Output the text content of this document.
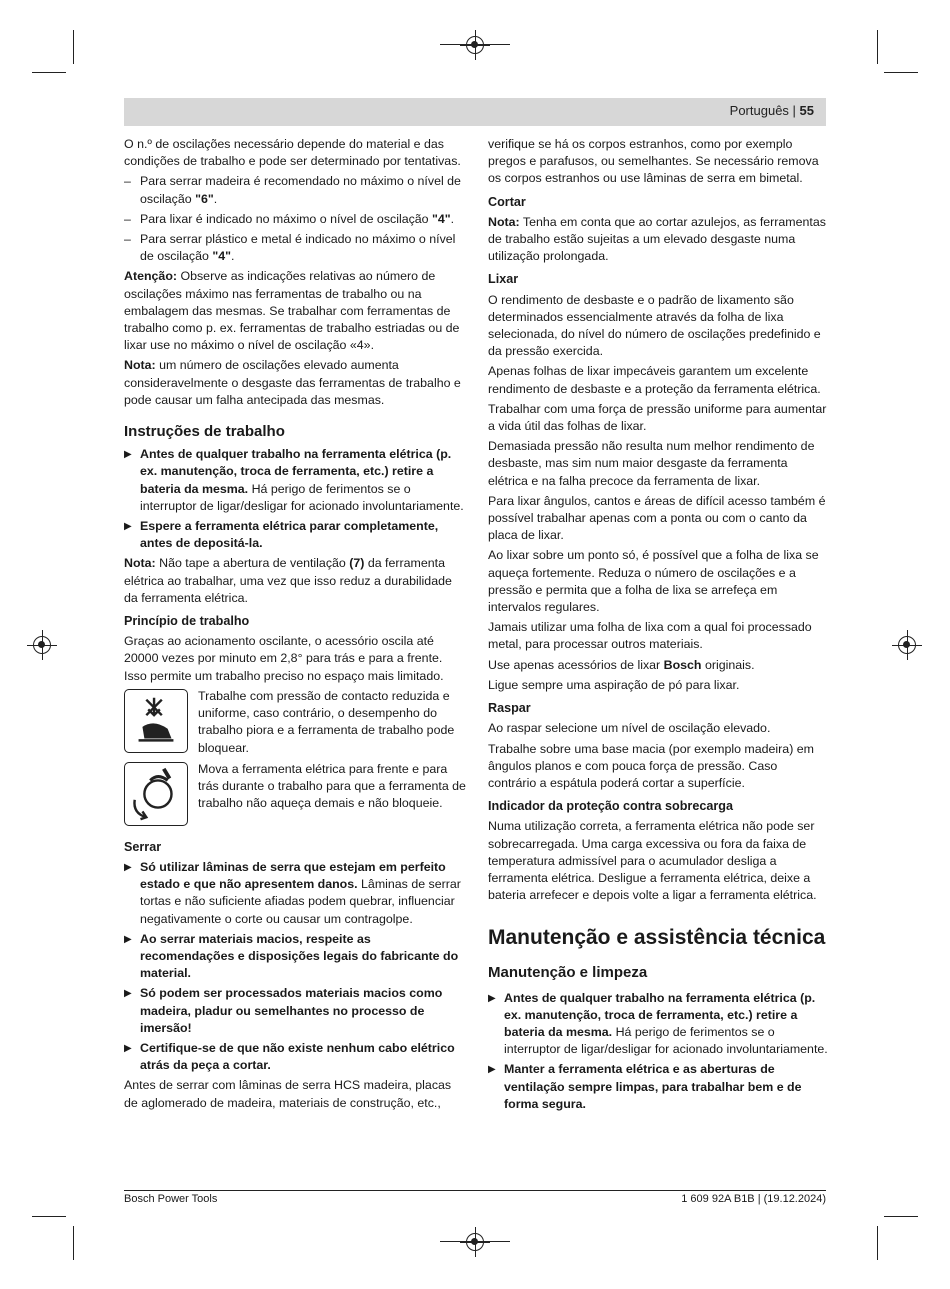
Português | 55

O n.º de oscilações necessário depende do material e das condições de trabalho e pode ser determinado por tentativas.

– Para serrar madeira é recomendado no máximo o nível de oscilação "6".
– Para lixar é indicado no máximo o nível de oscilação "4".
– Para serrar plástico e metal é indicado no máximo o nível de oscilação "4".

Atenção: Observe as indicações relativas ao número de oscilações máximo nas ferramentas de trabalho ou na embalagem das mesmas. Se trabalhar com ferramentas de trabalho como p. ex. ferramentas de trabalho estriadas ou de lixar use no máximo o nível de oscilação «4».

Nota: um número de oscilações elevado aumenta consideravelmente o desgaste das ferramentas de trabalho e pode causar um falha antecipada das mesmas.

Instruções de trabalho
▶ Antes de qualquer trabalho na ferramenta elétrica (p. ex. manutenção, troca de ferramenta, etc.) retire a bateria da mesma. Há perigo de ferimentos se o interruptor de ligar/desligar for acionado involuntariamente.
▶ Espere a ferramenta elétrica parar completamente, antes de depositá-la.

Nota: Não tape a abertura de ventilação (7) da ferramenta elétrica ao trabalhar, uma vez que isso reduz a durabilidade da ferramenta elétrica.

Princípio de trabalho

Graças ao acionamento oscilante, o acessório oscila até 20000 vezes por minuto em 2,8° para trás e para a frente. Isso permite um trabalho preciso no espaço mais limitado.

Trabalhe com pressão de contacto reduzida e uniforme, caso contrário, o desempenho do trabalho piora e a ferramenta de trabalho pode bloquear.
Mova a ferramenta elétrica para frente e para trás durante o trabalho para que a ferramenta de trabalho não aqueça demais e não bloqueie.
Serrar
▶ Só utilizar lâminas de serra que estejam em perfeito estado e que não apresentem danos. Lâminas de serrar tortas e não suficiente afiadas podem quebrar, influenciar negativamente o corte ou causar um contragolpe.
▶ Ao serrar materiais macios, respeite as recomendações e disposições legais do fabricante do material.
▶ Só podem ser processados materiais macios como madeira, pladur ou semelhantes no processo de imersão!
▶ Certifique-se de que não existe nenhum cabo elétrico atrás da peça a cortar.

Antes de serrar com lâminas de serra HCS madeira, placas de aglomerado de madeira, materiais de construção, etc.,

verifique se há os corpos estranhos, como por exemplo pregos e parafusos, ou semelhantes. Se necessário remova os corpos estranhos ou use lâminas de serra em bimetal.

Cortar

Nota: Tenha em conta que ao cortar azulejos, as ferramentas de trabalho estão sujeitas a um elevado desgaste numa utilização prolongada.

Lixar

O rendimento de desbaste e o padrão de lixamento são determinados essencialmente através da folha de lixa selecionada, do nível do número de oscilações predefinido e da pressão exercida.

Apenas folhas de lixar impecáveis garantem um excelente rendimento de desbaste e a proteção da ferramenta elétrica.

Trabalhar com uma força de pressão uniforme para aumentar a vida útil das folhas de lixar.

Demasiada pressão não resulta num melhor rendimento de desbaste, mas sim num maior desgaste da ferramenta elétrica e na falha precoce da ferramenta de lixar.

Para lixar ângulos, cantos e áreas de difícil acesso também é possível trabalhar apenas com a ponta ou com o canto da placa de lixar.

Ao lixar sobre um ponto só, é possível que a folha de lixa se aqueça fortemente. Reduza o número de oscilações e a pressão e permita que a folha de lixa se arrefeça em intervalos regulares.

Jamais utilizar uma folha de lixa com a qual foi processado metal, para processar outros materiais.

Use apenas acessórios de lixar Bosch originais.

Ligue sempre uma aspiração de pó para lixar.

Raspar

Ao raspar selecione um nível de oscilação elevado.

Trabalhe sobre uma base macia (por exemplo madeira) em ângulos planos e com pouca força de pressão. Caso contrário a espátula poderá cortar a superfície.

Indicador da proteção contra sobrecarga

Numa utilização correta, a ferramenta elétrica não pode ser sobrecarregada. Uma carga excessiva ou fora da faixa de temperatura admissível para o acumulador desliga a ferramenta elétrica. Desligue a ferramenta elétrica, deixe a bateria arrefecer e depois volte a ligar a ferramenta elétrica.

Manutenção e assistência técnica
Manutenção e limpeza
▶ Antes de qualquer trabalho na ferramenta elétrica (p. ex. manutenção, troca de ferramenta, etc.) retire a bateria da mesma. Há perigo de ferimentos se o interruptor de ligar/desligar for acionado involuntariamente.
▶ Manter a ferramenta elétrica e as aberturas de ventilação sempre limpas, para trabalhar bem e de forma segura.
Bosch Power Tools	1 609 92A B1B | (19.12.2024)
